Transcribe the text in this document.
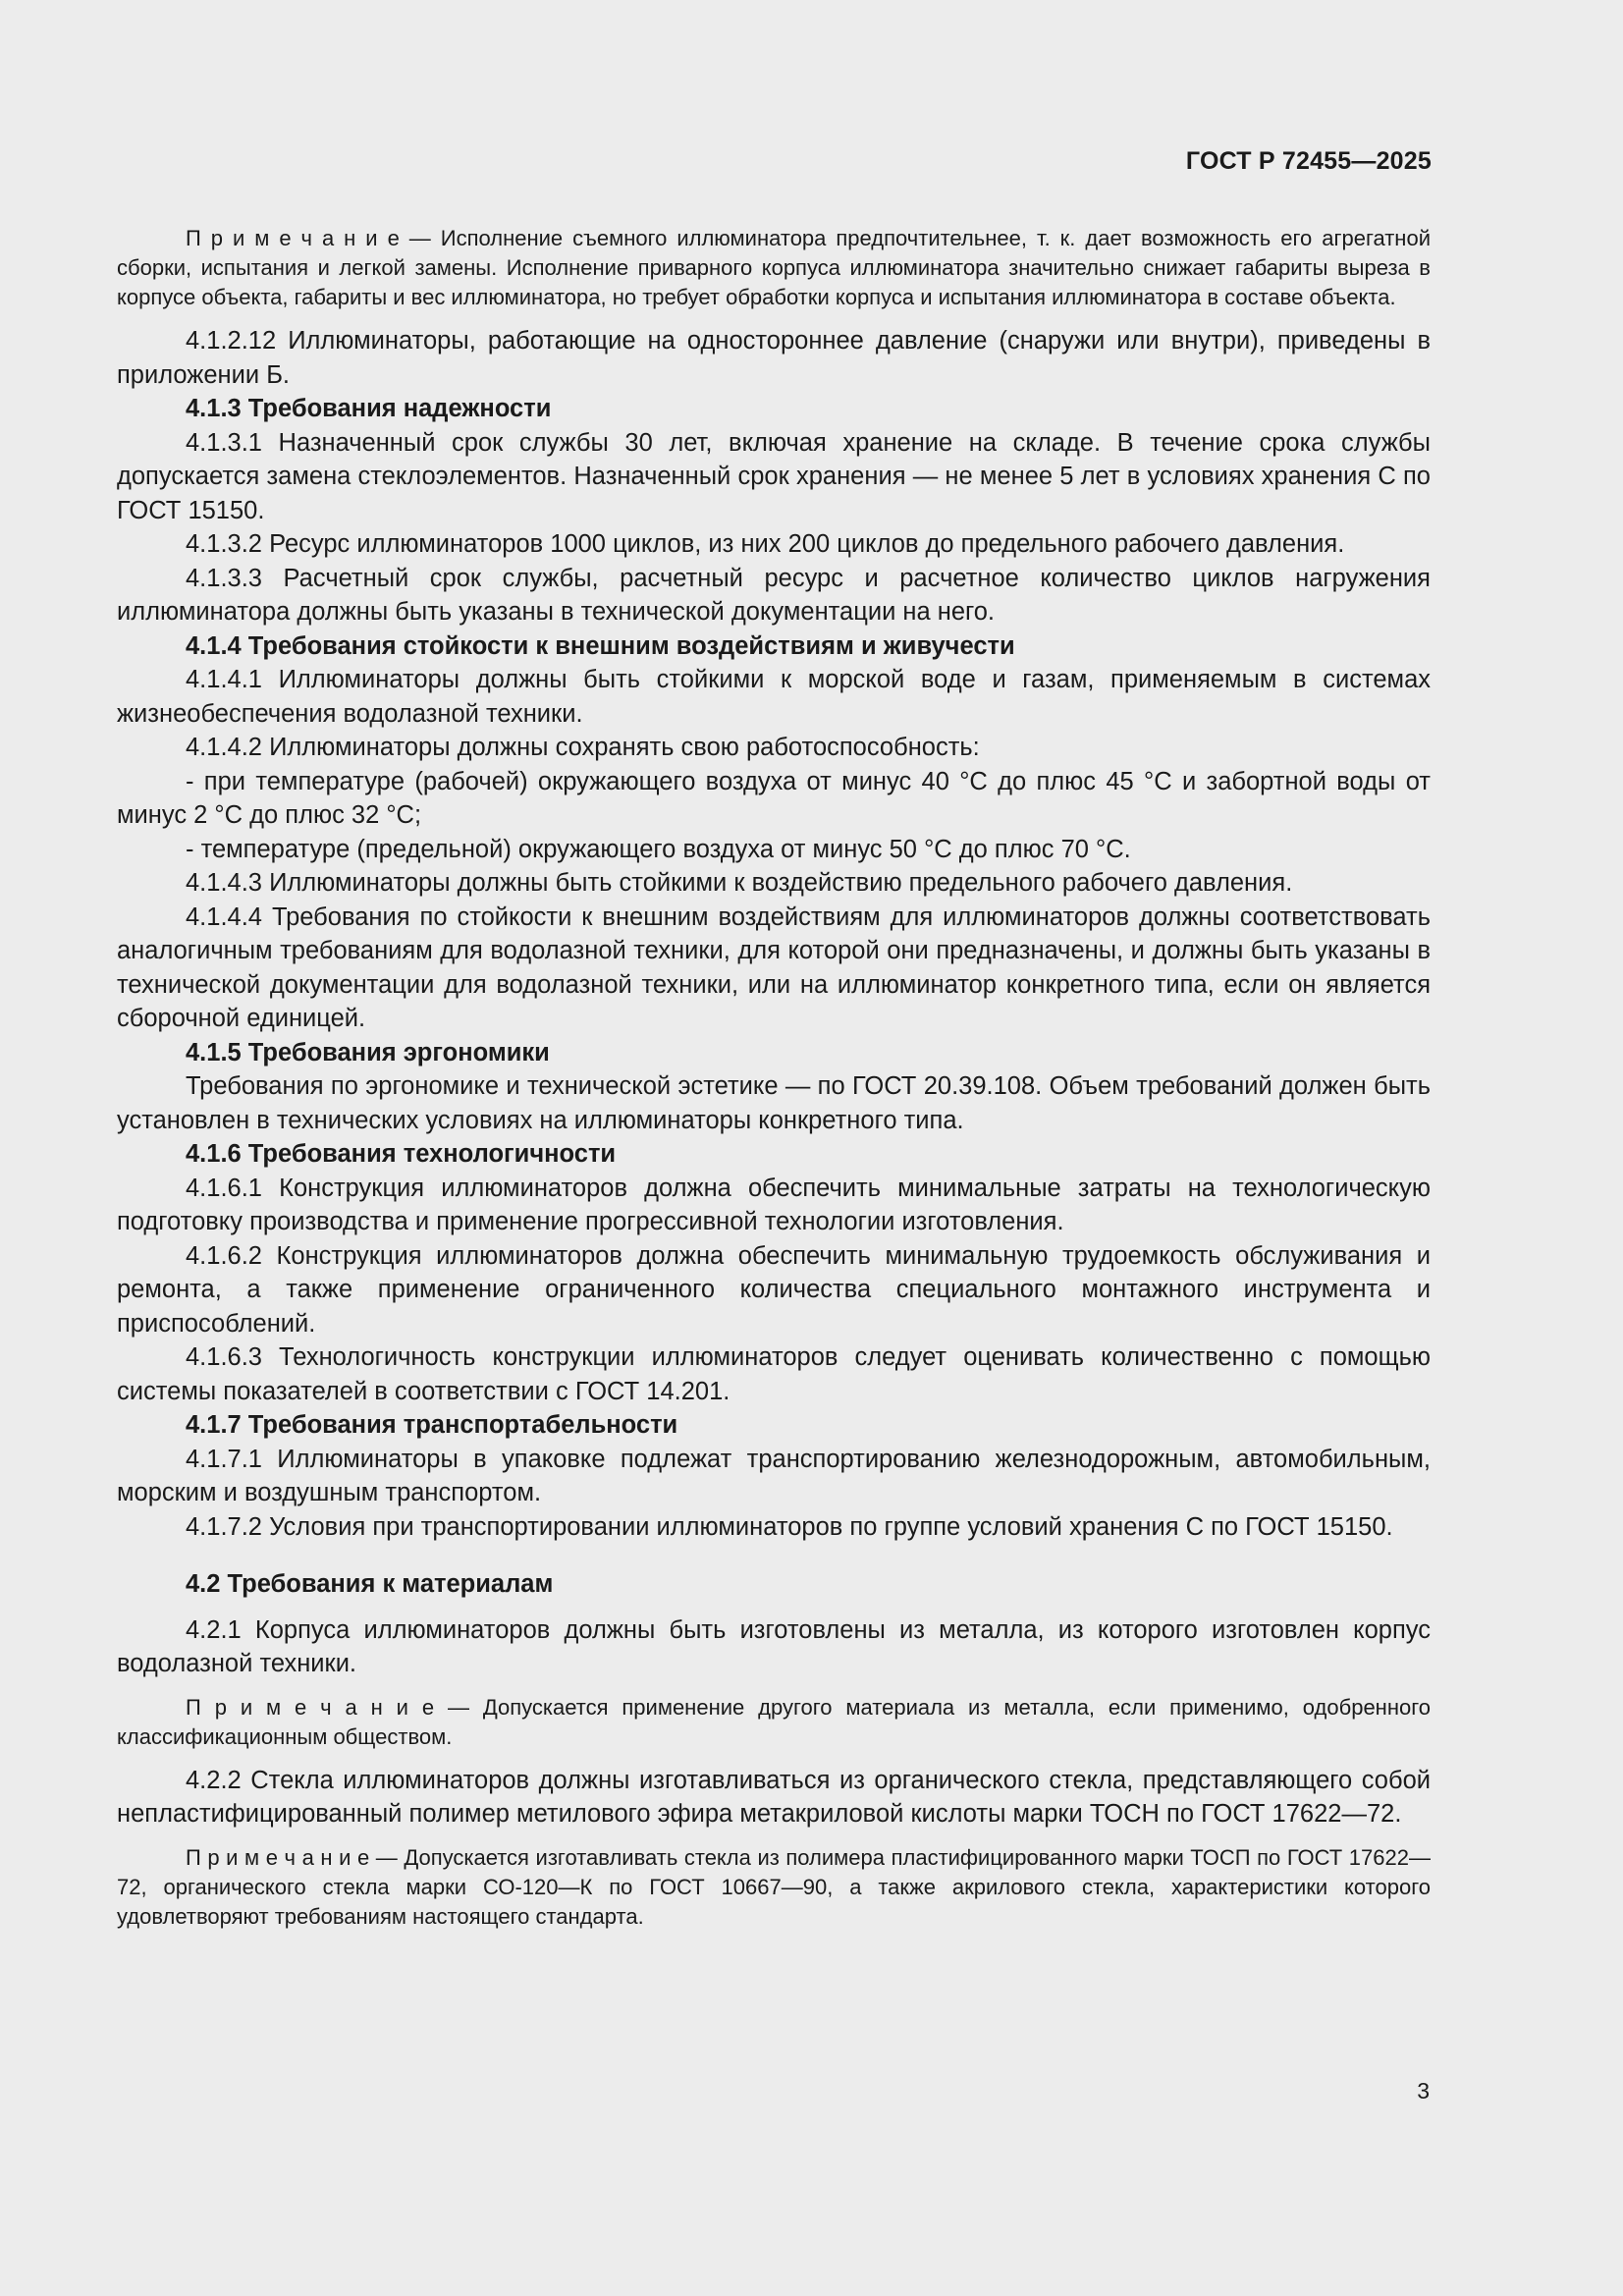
ГОСТ Р 72455—2025

П р и м е ч а н и е — Исполнение съемного иллюминатора предпочтительнее, т. к. дает возможность его агрегатной сборки, испытания и легкой замены. Исполнение приварного корпуса иллюминатора значительно снижает габариты выреза в корпусе объекта, габариты и вес иллюминатора, но требует обработки корпуса и испытания иллюминатора в составе объекта.

4.1.2.12 Иллюминаторы, работающие на одностороннее давление (снаружи или внутри), приведены в приложении Б.

4.1.3 Требования надежности

4.1.3.1 Назначенный срок службы 30 лет, включая хранение на складе. В течение срока службы допускается замена стеклоэлементов. Назначенный срок хранения — не менее 5 лет в условиях хранения С по ГОСТ 15150.

4.1.3.2 Ресурс иллюминаторов 1000 циклов, из них 200 циклов до предельного рабочего давления.

4.1.3.3 Расчетный срок службы, расчетный ресурс и расчетное количество циклов нагружения иллюминатора должны быть указаны в технической документации на него.

4.1.4 Требования стойкости к внешним воздействиям и живучести

4.1.4.1 Иллюминаторы должны быть стойкими к морской воде и газам, применяемым в системах жизнеобеспечения водолазной техники.

4.1.4.2 Иллюминаторы должны сохранять свою работоспособность:

- при температуре (рабочей) окружающего воздуха от минус 40 °С до плюс 45 °С и забортной воды от минус 2 °С до плюс 32 °С;

- температуре (предельной) окружающего воздуха от минус 50 °С до плюс 70 °С.

4.1.4.3 Иллюминаторы должны быть стойкими к воздействию предельного рабочего давления.

4.1.4.4 Требования по стойкости к внешним воздействиям для иллюминаторов должны соответствовать аналогичным требованиям для водолазной техники, для которой они предназначены, и должны быть указаны в технической документации для водолазной техники, или на иллюминатор конкретного типа, если он является сборочной единицей.

4.1.5 Требования эргономики

Требования по эргономике и технической эстетике — по ГОСТ 20.39.108. Объем требований должен быть установлен в технических условиях на иллюминаторы конкретного типа.

4.1.6 Требования технологичности

4.1.6.1 Конструкция иллюминаторов должна обеспечить минимальные затраты на технологическую подготовку производства и применение прогрессивной технологии изготовления.

4.1.6.2 Конструкция иллюминаторов должна обеспечить минимальную трудоемкость обслуживания и ремонта, а также применение ограниченного количества специального монтажного инструмента и приспособлений.

4.1.6.3 Технологичность конструкции иллюминаторов следует оценивать количественно с помощью системы показателей в соответствии с ГОСТ 14.201.

4.1.7 Требования транспортабельности

4.1.7.1 Иллюминаторы в упаковке подлежат транспортированию железнодорожным, автомобильным, морским и воздушным транспортом.

4.1.7.2 Условия при транспортировании иллюминаторов по группе условий хранения С по ГОСТ 15150.

4.2 Требования к материалам

4.2.1 Корпуса иллюминаторов должны быть изготовлены из металла, из которого изготовлен корпус водолазной техники.

П р и м е ч а н и е — Допускается применение другого материала из металла, если применимо, одобренного классификационным обществом.

4.2.2 Стекла иллюминаторов должны изготавливаться из органического стекла, представляющего собой непластифицированный полимер метилового эфира метакриловой кислоты марки ТОСН по ГОСТ 17622—72.

П р и м е ч а н и е — Допускается изготавливать стекла из полимера пластифицированного марки ТОСП по ГОСТ 17622—72, органического стекла марки СО-120—К по ГОСТ 10667—90, а также акрилового стекла, характеристики которого удовлетворяют требованиям настоящего стандарта.

3
